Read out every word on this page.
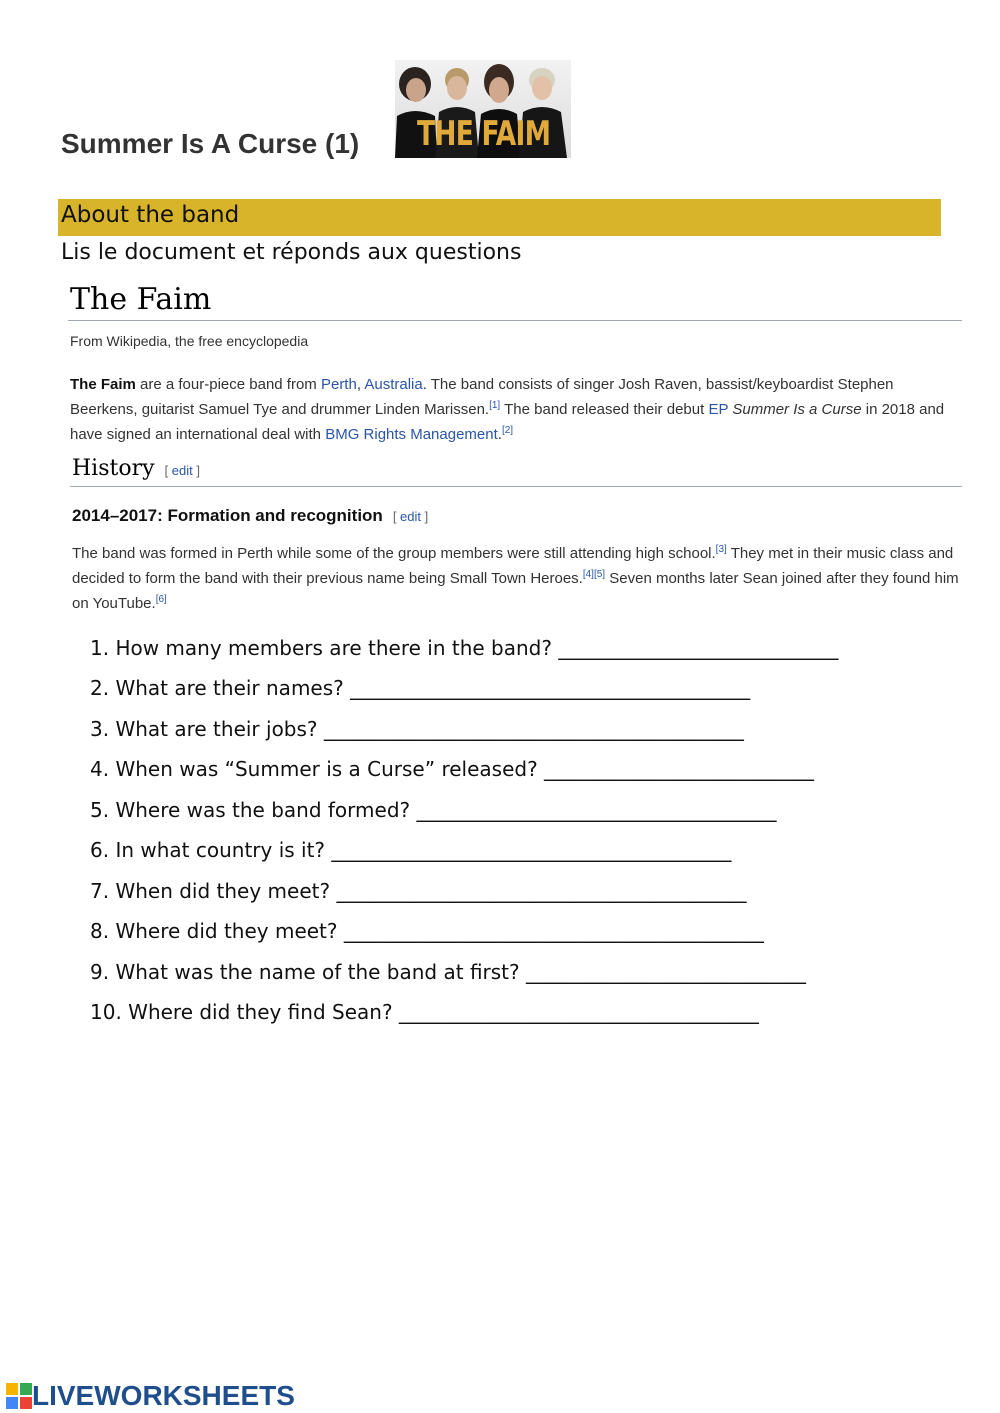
Summer Is A Curse (1) THE FAIM
About the band
Lis le document et réponds aux questions
The Faim
From Wikipedia, the free encyclopedia
The Faim are a four-piece band from Perth, Australia. The band consists of singer Josh Raven, bassist/keyboardist Stephen Beerkens, guitarist Samuel Tye and drummer Linden Marissen.[1] The band released their debut EP Summer Is a Curse in 2018 and have signed an international deal with BMG Rights Management.[2]
History [ edit ]
2014–2017: Formation and recognition [ edit ]
The band was formed in Perth while some of the group members were still attending high school.[3] They met in their music class and decided to form the band with their previous name being Small Town Heroes.[4][5] Seven months later Sean joined after they found him on YouTube.[6]
1. How many members are there in the band? ____________________________
2. What are their names? ________________________________________
3. What are their jobs? __________________________________________
4. When was “Summer is a Curse” released? ___________________________
5. Where was the band formed? ____________________________________
6. In what country is it? ________________________________________
7. When did they meet? _________________________________________
8. Where did they meet? __________________________________________
9. What was the name of the band at first? ____________________________
10. Where did they find Sean? ____________________________________
LIVEWORKSHEETS
